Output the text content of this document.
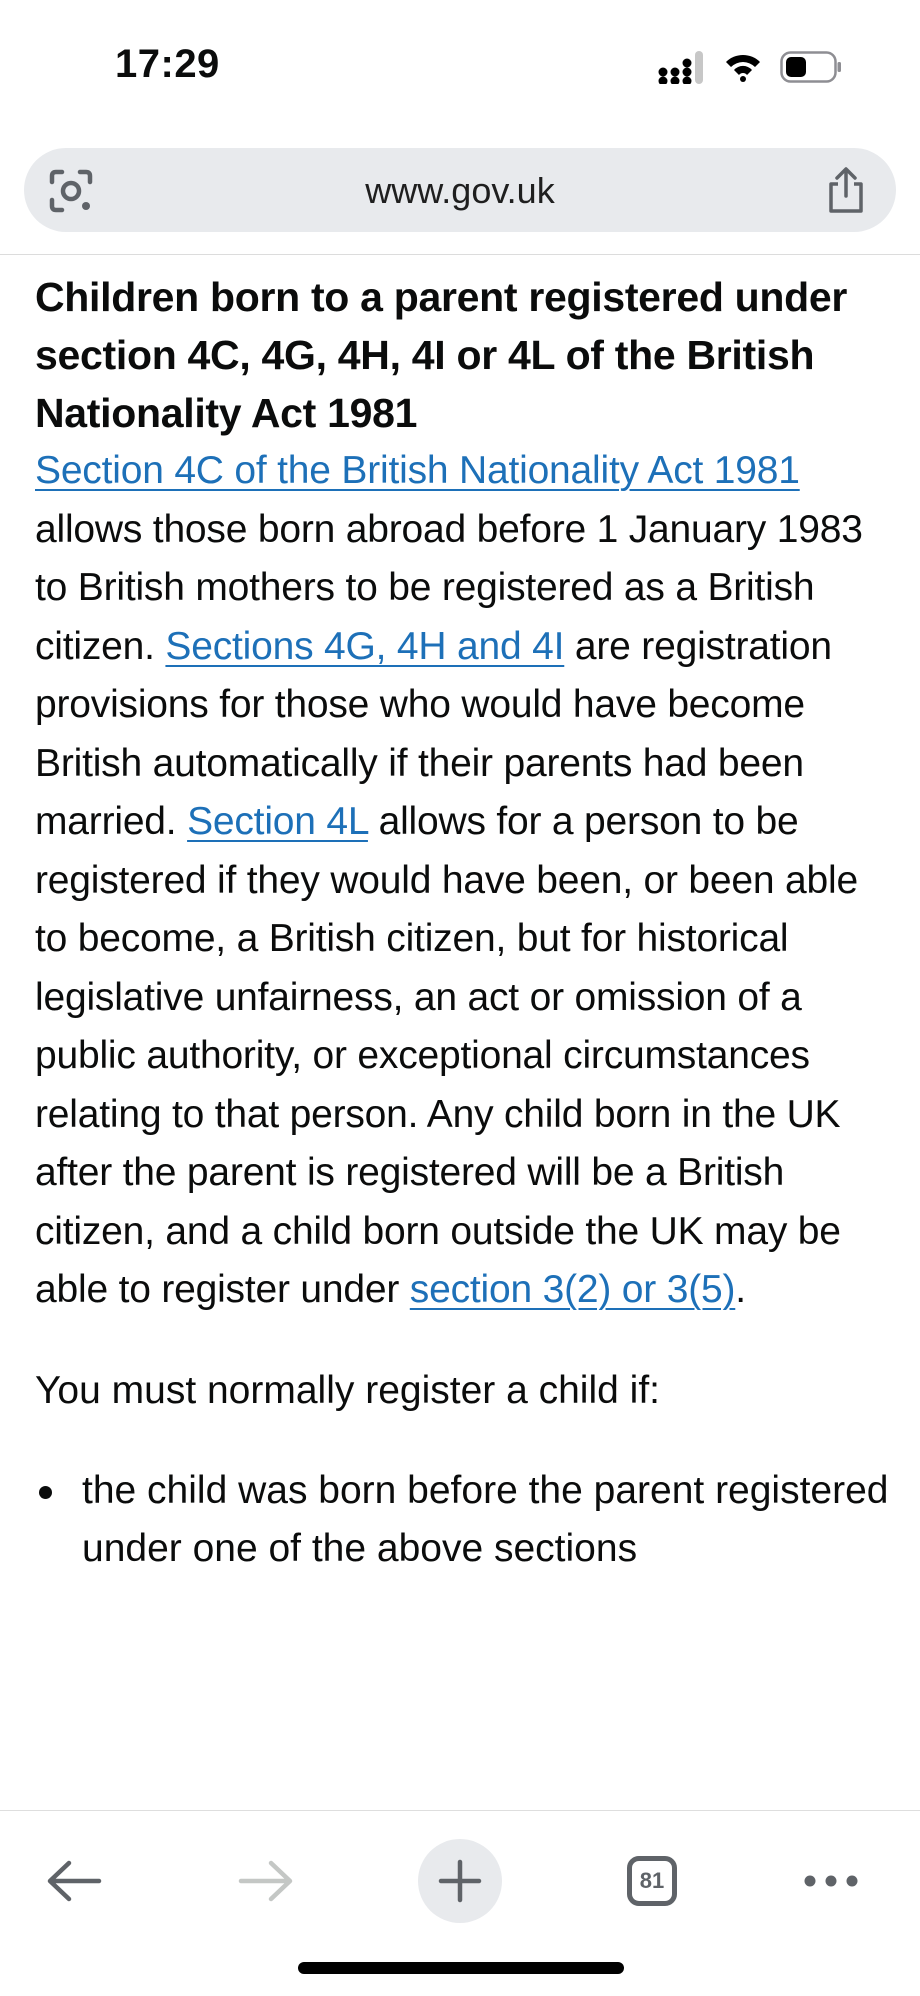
17:29
www.gov.uk
Children born to a parent registered under section 4C, 4G, 4H, 4I or 4L of the British Nationality Act 1981

Section 4C of the British Nationality Act 1981 allows those born abroad before 1 January 1983 to British mothers to be registered as a British citizen. Sections 4G, 4H and 4I are registration provisions for those who would have become British automatically if their parents had been married. Section 4L allows for a person to be registered if they would have been, or been able to become, a British citizen, but for historical legislative unfairness, an act or omission of a public authority, or exceptional circumstances relating to that person. Any child born in the UK after the parent is registered will be a British citizen, and a child born outside the UK may be able to register under section 3(2) or 3(5).

You must normally register a child if:

the child was born before the parent registered under one of the above sections
81
